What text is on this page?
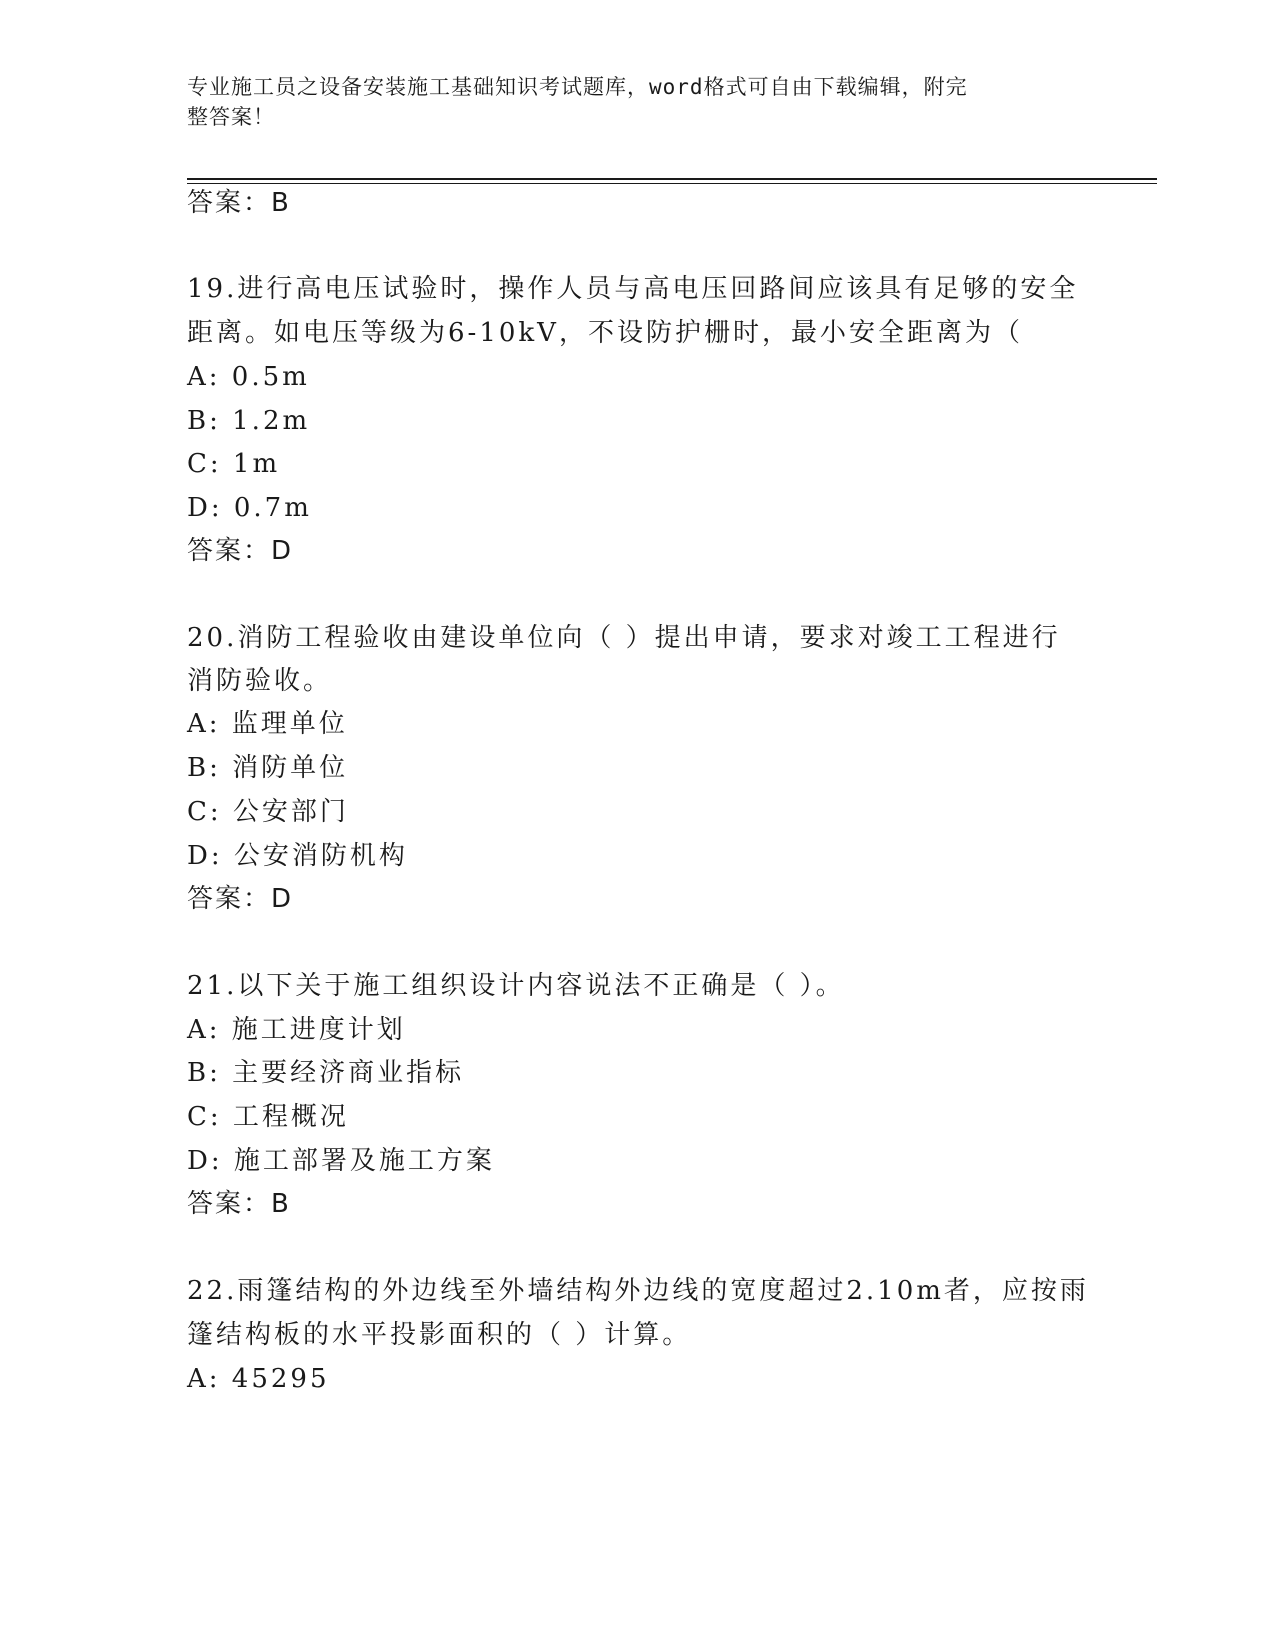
专业施工员之设备安装施工基础知识考试题库，word格式可自由下载编辑，附完
整答案！
答案：B
19.进行高电压试验时，操作人员与高电压回路间应该具有足够的安全
距离。如电压等级为6-10kV，不设防护栅时，最小安全距离为（
A: 0.5m
B: 1.2m
C: 1m
D: 0.7m
答案：D
20.消防工程验收由建设单位向（ ）提出申请，要求对竣工工程进行
消防验收。
A: 监理单位
B: 消防单位
C: 公安部门
D: 公安消防机构
答案：D
21.以下关于施工组织设计内容说法不正确是（ ）。
A: 施工进度计划
B: 主要经济商业指标
C: 工程概况
D: 施工部署及施工方案
答案：B
22.雨篷结构的外边线至外墙结构外边线的宽度超过2.10m者，应按雨
篷结构板的水平投影面积的（ ）计算。
A: 45295
